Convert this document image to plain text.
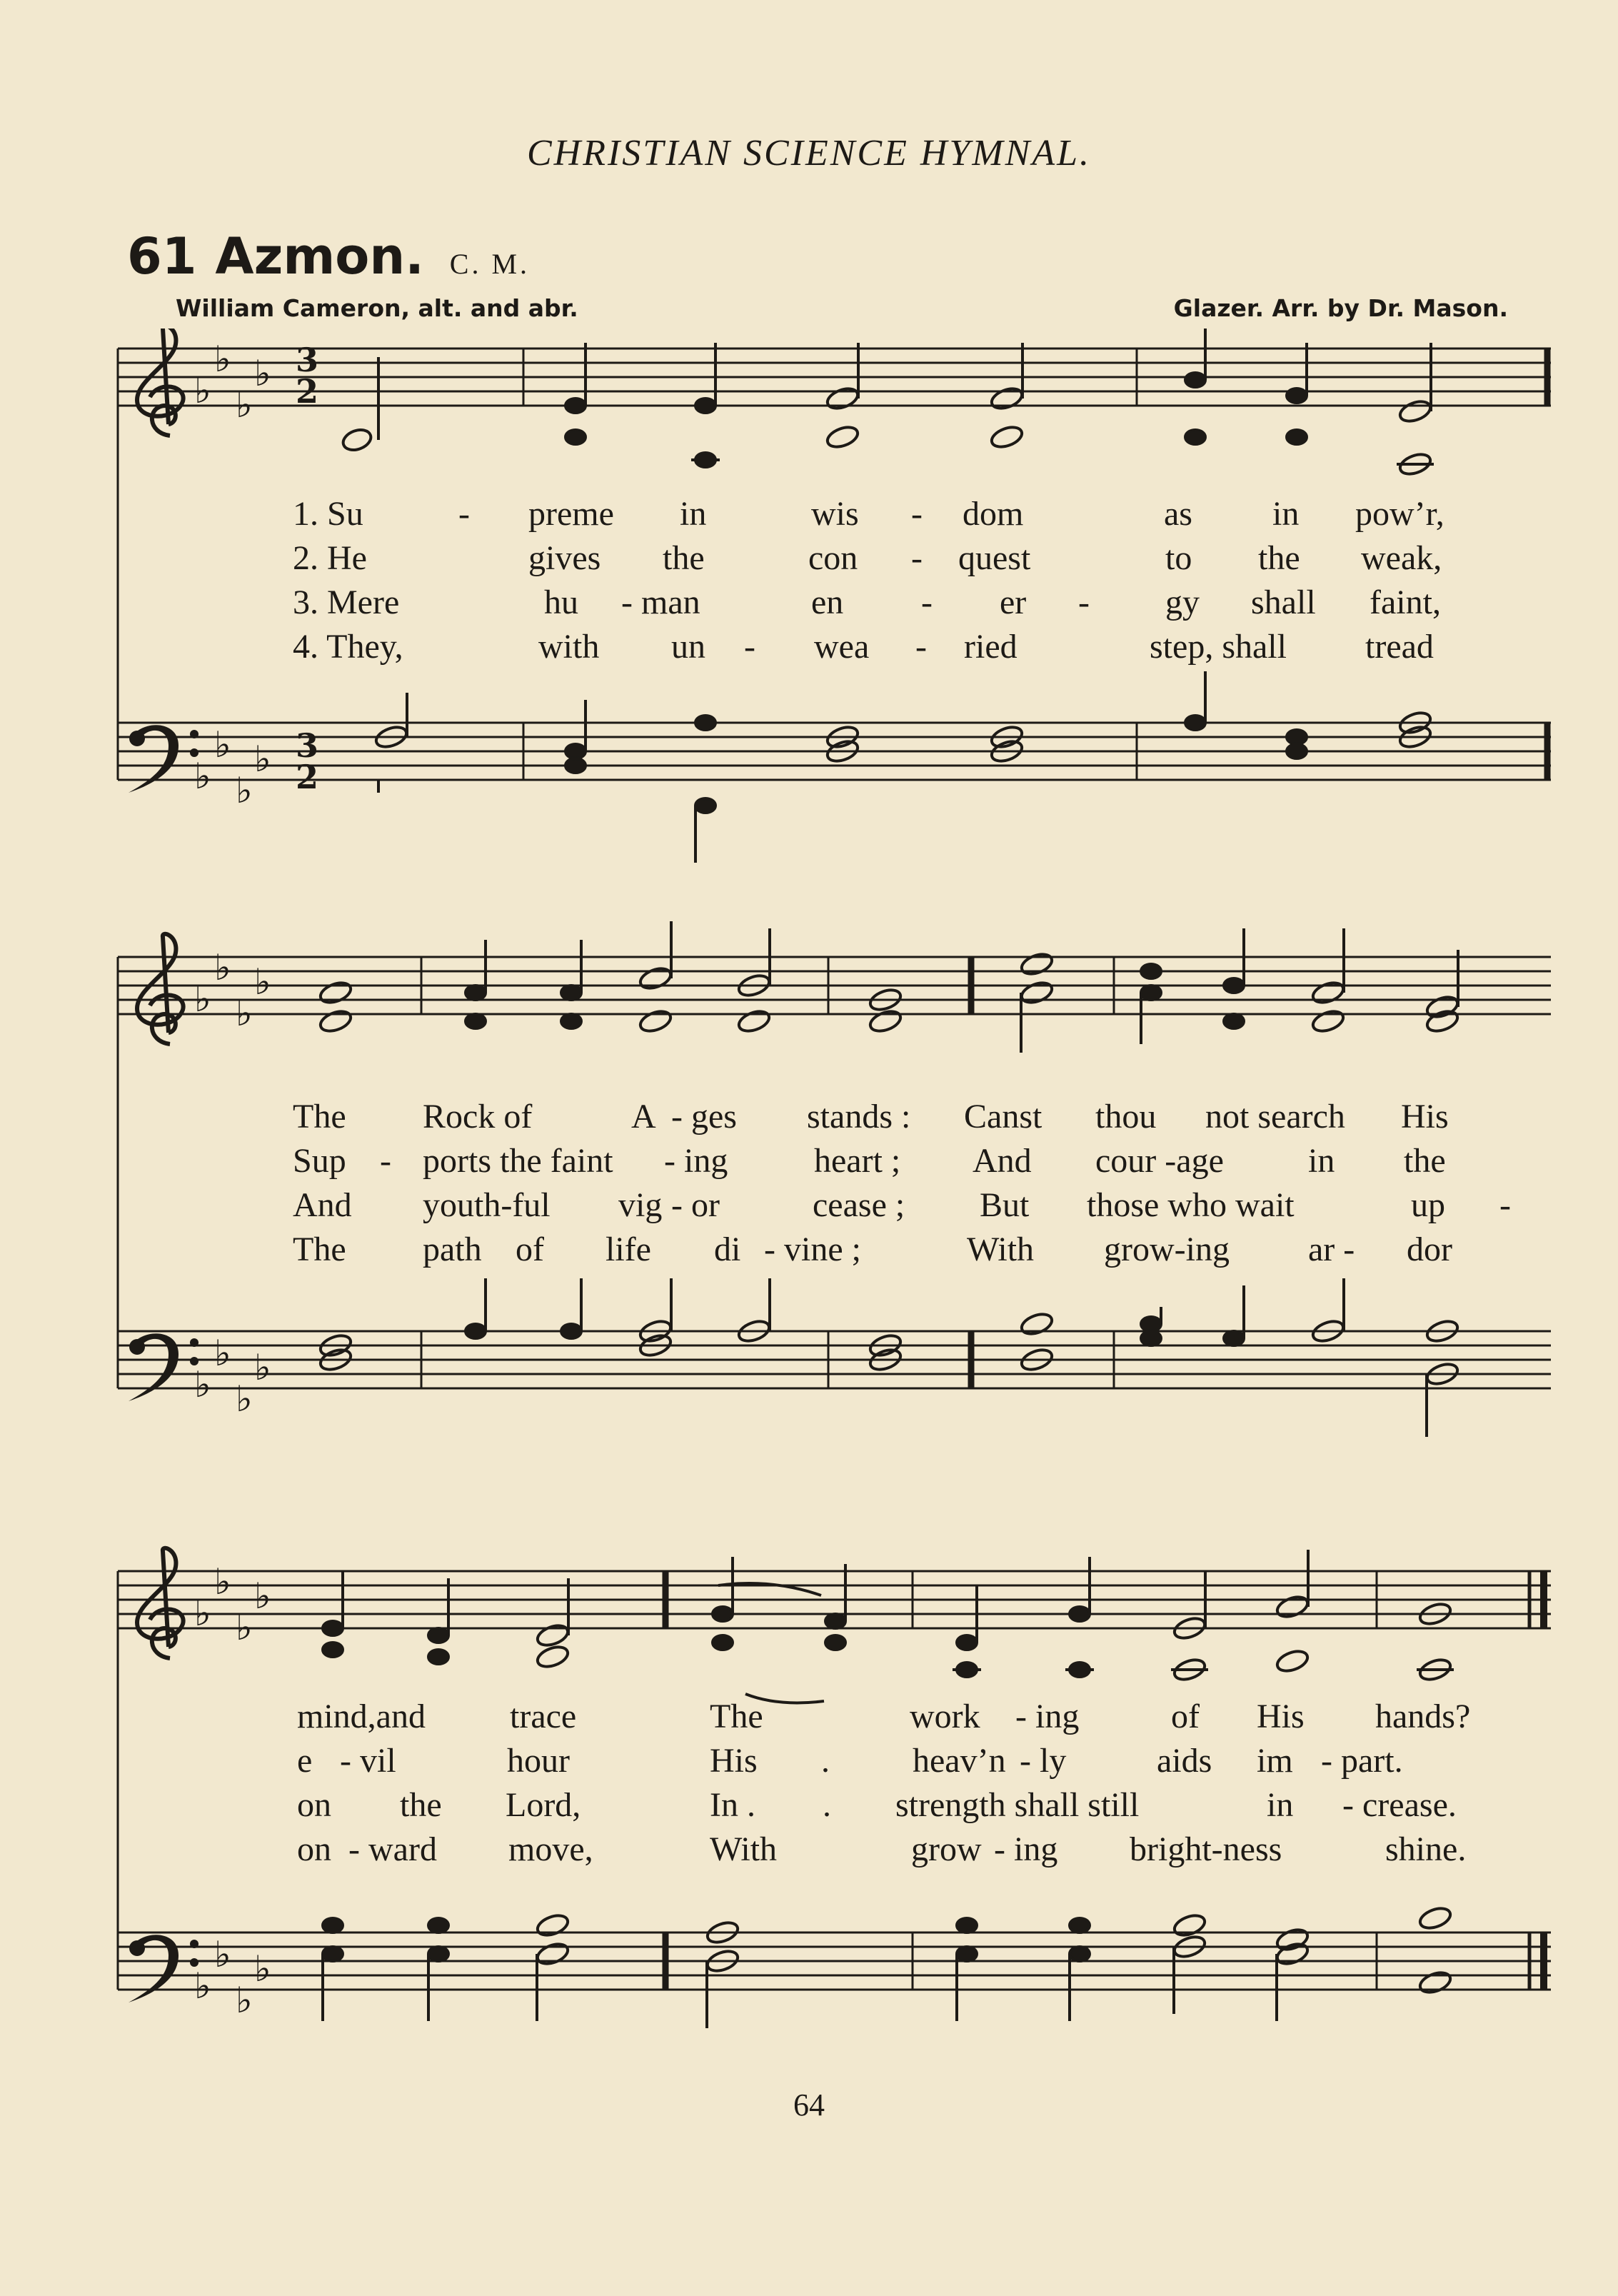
CHRISTIAN SCIENCE HYMNAL.
61 Azmon. C. M.
William Cameron, alt. and abr.	Glazer. Arr. by Dr. Mason.
♭ ♭
♭ ♭
3
2
♭ ♭
♭ ♭
3
2
1. Su	- preme in	wis - dom	as in pow’r,
2. He	gives the	con - quest	to the weak,
3. Mere	hu - man	en - er - gy shall faint,
4. They,	with un - wea - ried	step, shall tread
♭ ♭
♭ ♭
♭ ♭
♭ ♭
The Rock of	A - ges stands : Canst thou not search His
Sup - ports the faint - ing	heart ; And cour -age in the
And youth-ful vig - or	cease ; But those who wait	up -
The path of life di - vine ;	With grow-ing ar - dor
♭ ♭
♭ ♭
♭ ♭
♭ ♭
mind,and trace	The	work - ing	of His hands?
e - vil	hour	His . heav’n - ly	aids im - part.
on the Lord,	In . . strength shall still	in - crease.
on - ward move,	With	grow - ing bright-ness	shine.
64
